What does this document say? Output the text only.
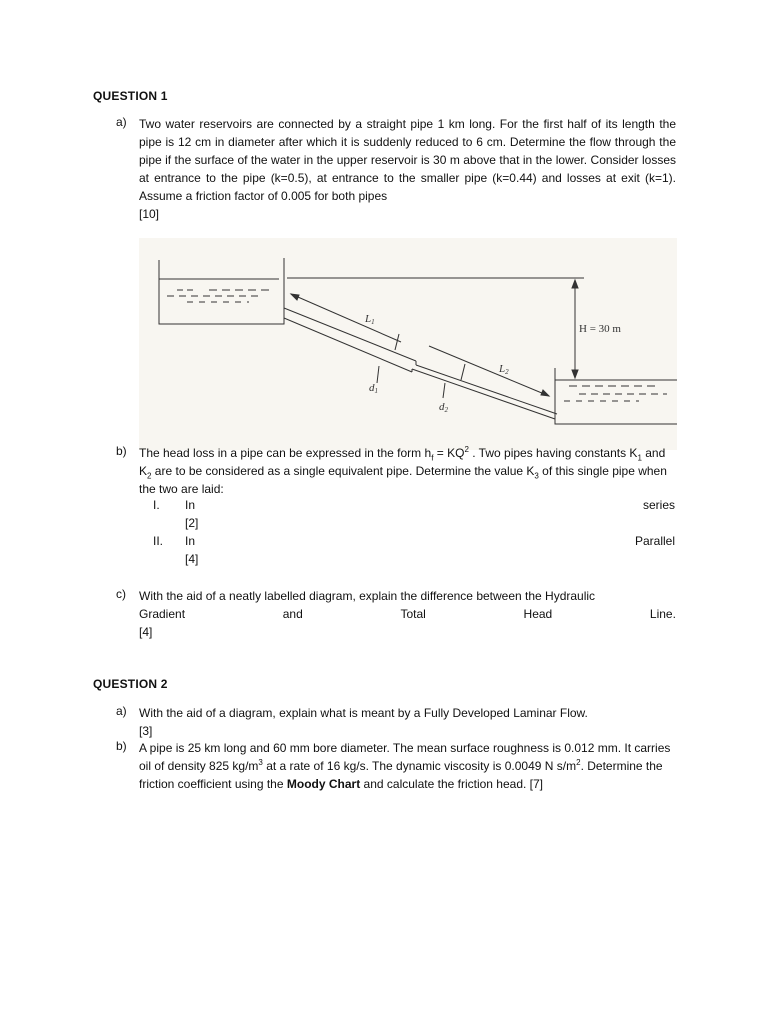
QUESTION 1
a) Two water reservoirs are connected by a straight pipe 1 km long. For the first half of its length the pipe is 12 cm in diameter after which it is suddenly reduced to 6 cm. Determine the flow through the pipe if the surface of the water in the upper reservoir is 30 m above that in the lower. Consider losses at entrance to the pipe (k=0.5), at entrance to the smaller pipe (k=0.44) and losses at exit (k=1). Assume a friction factor of 0.005 for both pipes
[10]
L1
L2
d1
d2
H = 30 m
b) The head loss in a pipe can be expressed in the form $h_f = KQ^2$ . Two pipes having constants $K_1$ and $K_2$ are to be considered as a single equivalent pipe. Determine the value $K_3$ of this single pipe when the two are laid:
I. In	series
[2]
II. In	Parallel
[4]
c) With the aid of a neatly labelled diagram, explain the difference between the Hydraulic
Gradient	and	Total	Head	Line.
[4]
QUESTION 2
a) With the aid of a diagram, explain what is meant by a Fully Developed Laminar Flow.
[3]
b) A pipe is 25 km long and 60 mm bore diameter. The mean surface roughness is 0.012 mm. It carries oil of density 825 $kg/m^3$ at a rate of 16 kg/s. The dynamic viscosity is 0.0049 N $s/m^2$. Determine the friction coefficient using the Moody Chart and calculate the friction head. [7]
